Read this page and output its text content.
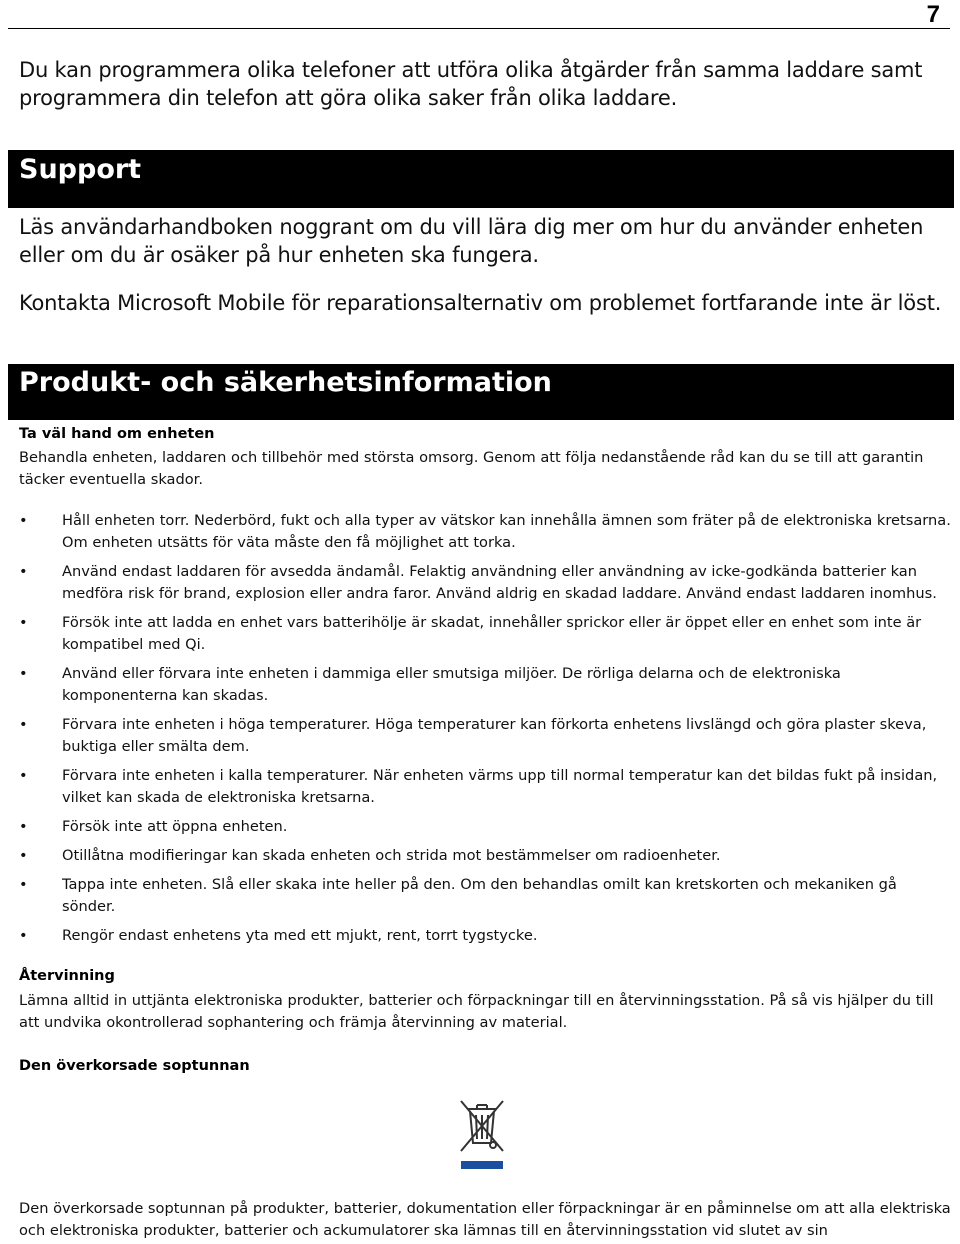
7

Du kan programmera olika telefoner att utföra olika åtgärder från samma laddare samt programmera din telefon att göra olika saker från olika laddare.

Support

Läs användarhandboken noggrant om du vill lära dig mer om hur du använder enheten eller om du är osäker på hur enheten ska fungera.

Kontakta Microsoft Mobile för reparationsalternativ om problemet fortfarande inte är löst.

Produkt- och säkerhetsinformation
Ta väl hand om enheten

Behandla enheten, laddaren och tillbehör med största omsorg. Genom att följa nedanstående råd kan du se till att garantin täcker eventuella skador.

• Håll enheten torr. Nederbörd, fukt och alla typer av vätskor kan innehålla ämnen som fräter på de elektroniska kretsarna. Om enheten utsätts för väta måste den få möjlighet att torka.
• Använd endast laddaren för avsedda ändamål. Felaktig användning eller användning av icke-godkända batterier kan medföra risk för brand, explosion eller andra faror. Använd aldrig en skadad laddare. Använd endast laddaren inomhus.
• Försök inte att ladda en enhet vars batterihölje är skadat, innehåller sprickor eller är öppet eller en enhet som inte är kompatibel med Qi.
• Använd eller förvara inte enheten i dammiga eller smutsiga miljöer. De rörliga delarna och de elektroniska komponenterna kan skadas.
• Förvara inte enheten i höga temperaturer. Höga temperaturer kan förkorta enhetens livslängd och göra plaster skeva, buktiga eller smälta dem.
• Förvara inte enheten i kalla temperaturer. När enheten värms upp till normal temperatur kan det bildas fukt på insidan, vilket kan skada de elektroniska kretsarna.
• Försök inte att öppna enheten.
• Otillåtna modifieringar kan skada enheten och strida mot bestämmelser om radioenheter.
• Tappa inte enheten. Slå eller skaka inte heller på den. Om den behandlas omilt kan kretskorten och mekaniken gå sönder.
• Rengör endast enhetens yta med ett mjukt, rent, torrt tygstycke.
Återvinning

Lämna alltid in uttjänta elektroniska produkter, batterier och förpackningar till en återvinningsstation. På så vis hjälper du till att undvika okontrollerad sophantering och främja återvinning av material.

Den överkorsade soptunnan

Den överkorsade soptunnan på produkter, batterier, dokumentation eller förpackningar är en påminnelse om att alla elektriska och elektroniska produkter, batterier och ackumulatorer ska lämnas till en återvinningsstation vid slutet av sin
